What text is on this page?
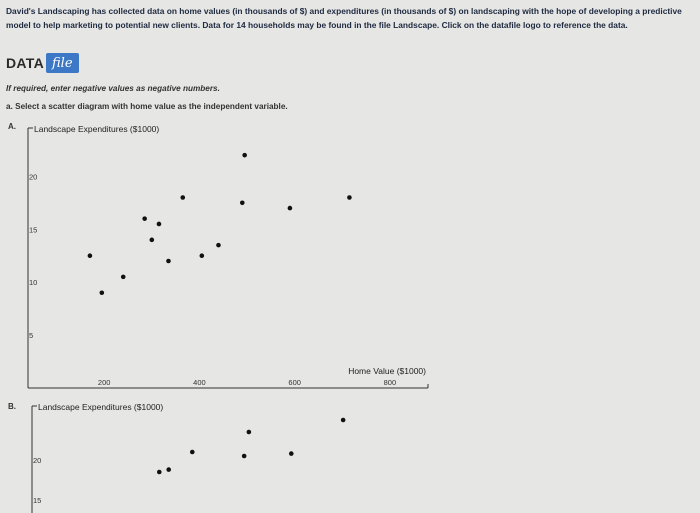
David's Landscaping has collected data on home values (in thousands of $) and expenditures (in thousands of $) on landscaping with the hope of developing a predictive model to help marketing to potential new clients. Data for 14 households may be found in the file Landscape. Click on the datafile logo to reference the data.
DATA file
If required, enter negative values as negative numbers.
a. Select a scatter diagram with home value as the independent variable.
A. Landscape Expenditures ($1000)
200	400	600	800
Home Value ($1000)
5
10
15
20
B.	Landscape Expenditures ($1000)
15
20
